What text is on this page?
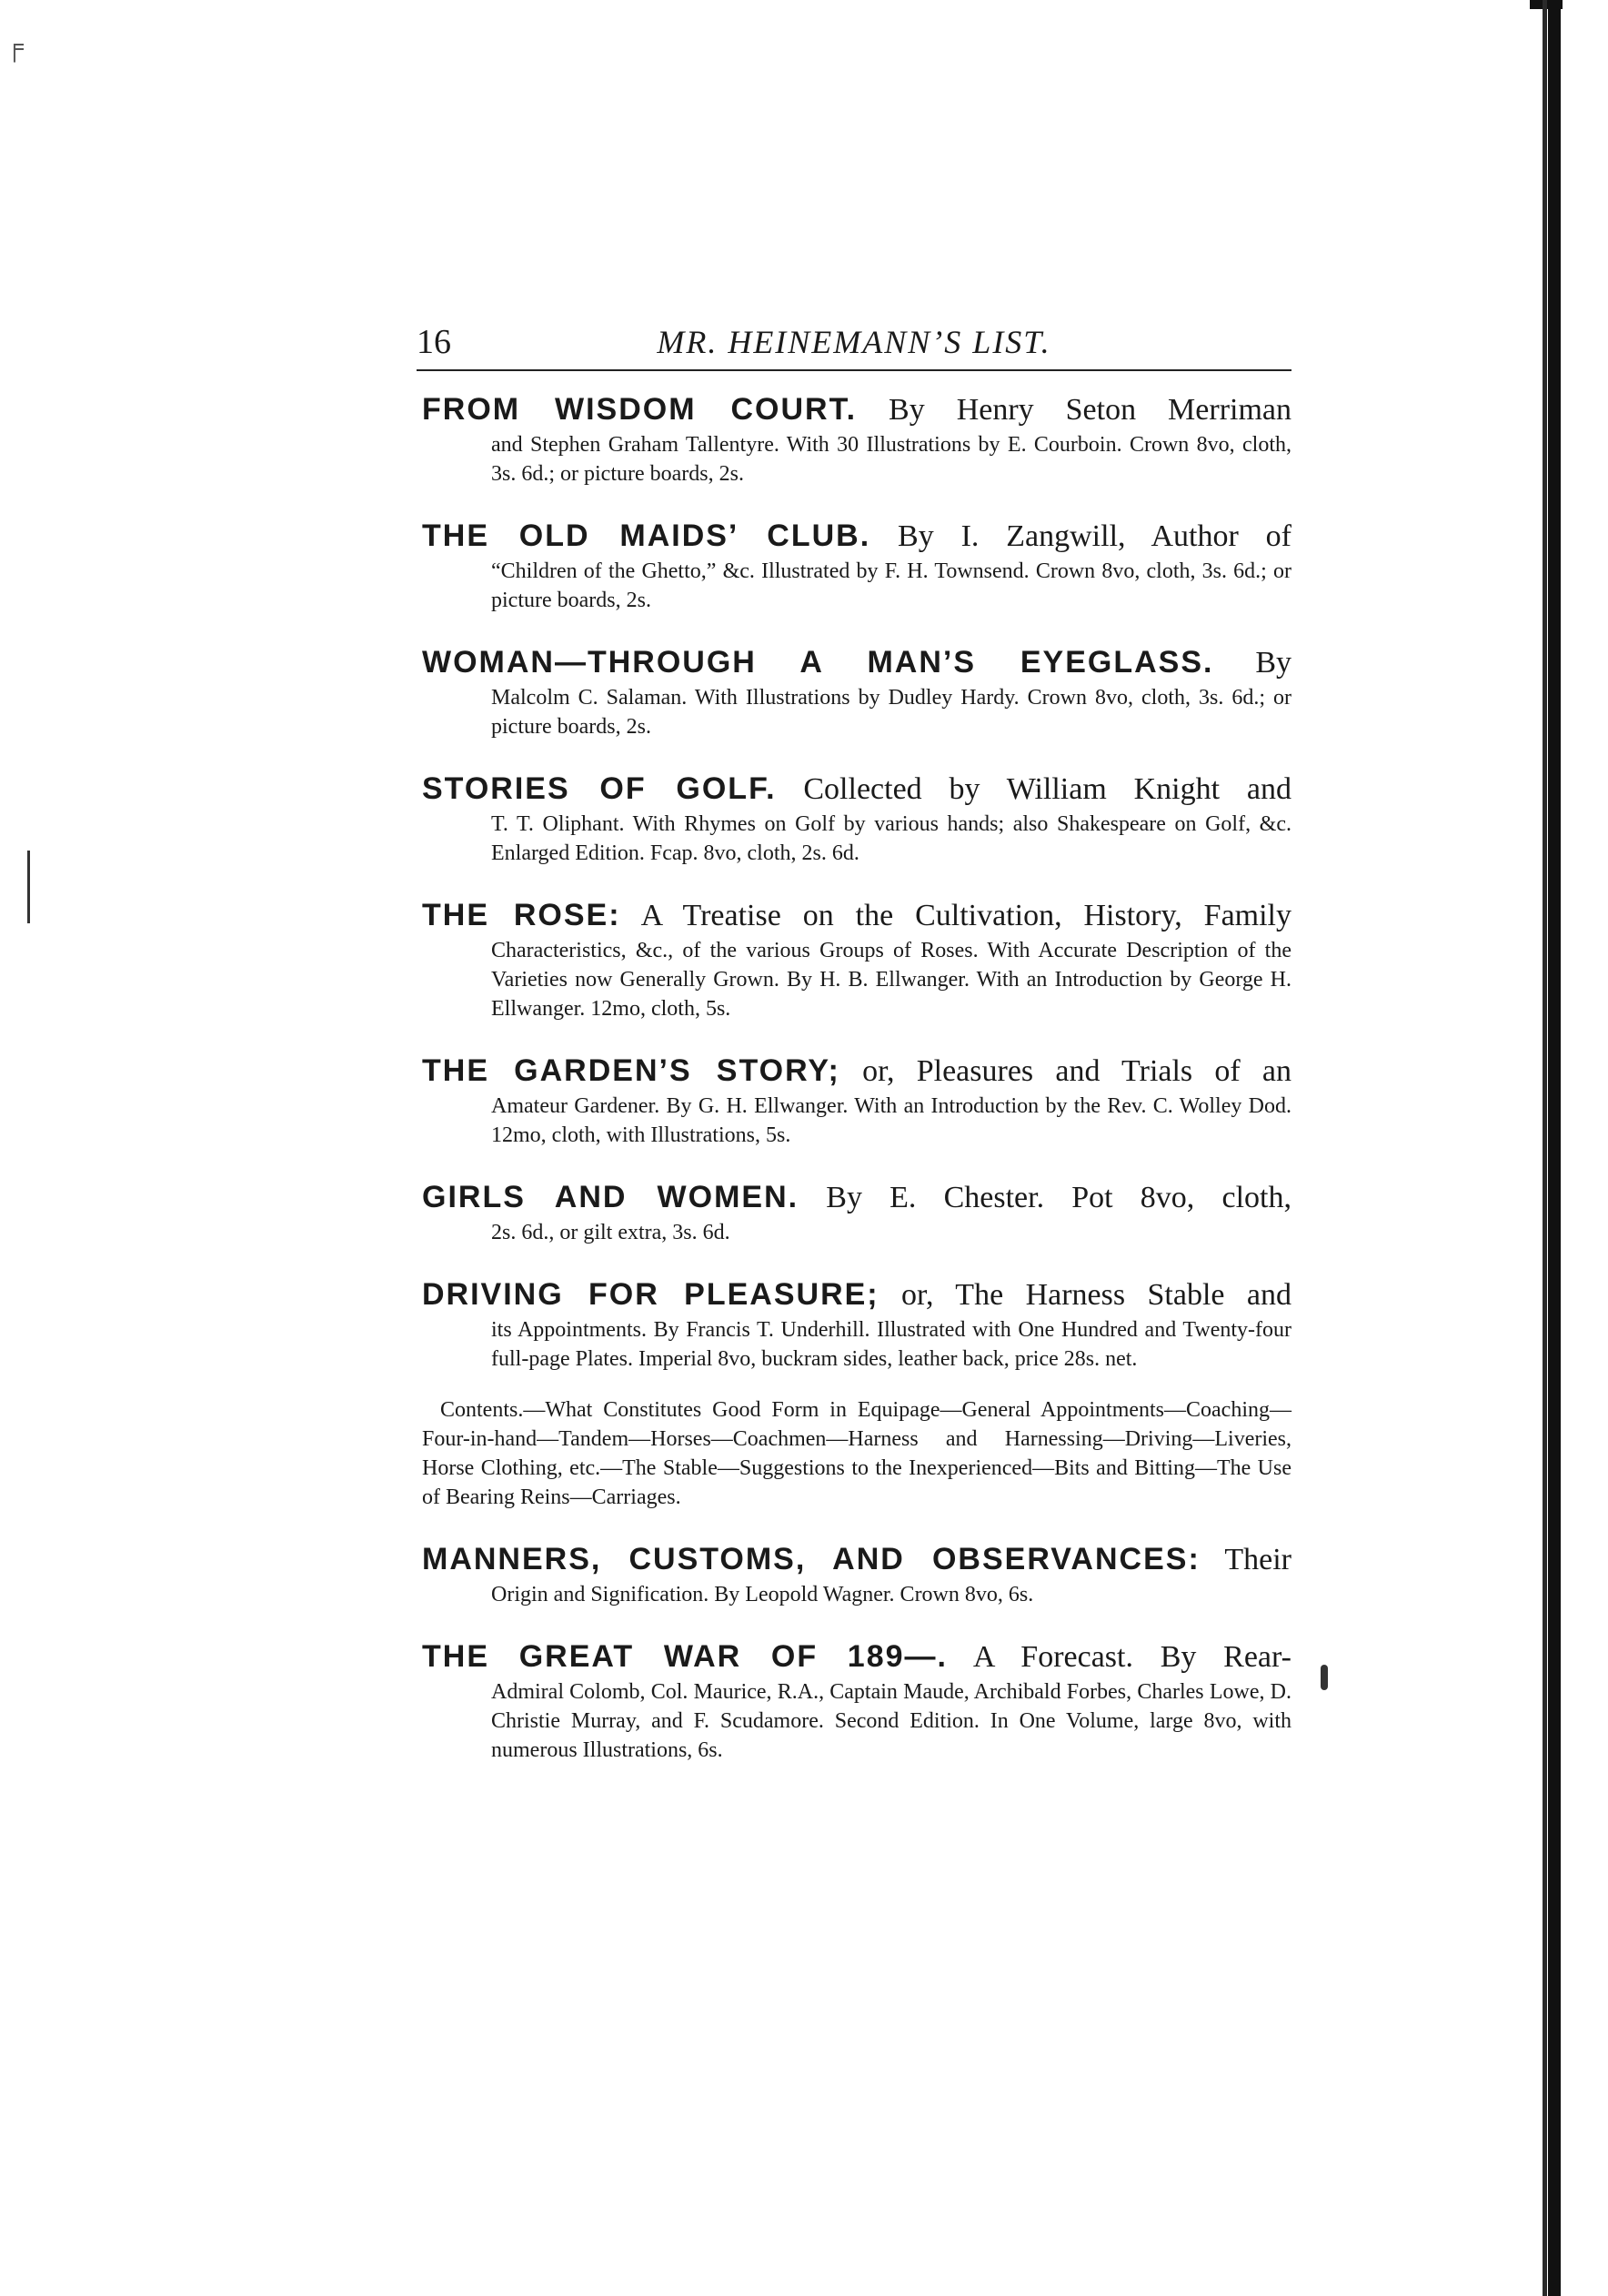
╒
16	MR. HEINEMANN’S LIST.

FROM WISDOM COURT. By Henry Seton Merriman

and Stephen Graham Tallentyre. With 30 Illustrations by E. Courboin. Crown 8vo, cloth, 3s. 6d.; or picture boards, 2s.

THE OLD MAIDS’ CLUB. By I. Zangwill, Author of

“Children of the Ghetto,” &c. Illustrated by F. H. Townsend. Crown 8vo, cloth, 3s. 6d.; or picture boards, 2s.

WOMAN—THROUGH A MAN’S EYEGLASS. By

Malcolm C. Salaman. With Illustrations by Dudley Hardy. Crown 8vo, cloth, 3s. 6d.; or picture boards, 2s.

STORIES OF GOLF. Collected by William Knight and

T. T. Oliphant. With Rhymes on Golf by various hands; also Shakespeare on Golf, &c. Enlarged Edition. Fcap. 8vo, cloth, 2s. 6d.

THE ROSE: A Treatise on the Cultivation, History, Family

Characteristics, &c., of the various Groups of Roses. With Accurate Description of the Varieties now Generally Grown. By H. B. Ellwanger. With an Introduction by George H. Ellwanger. 12mo, cloth, 5s.

THE GARDEN’S STORY; or, Pleasures and Trials of an

Amateur Gardener. By G. H. Ellwanger. With an Introduction by the Rev. C. Wolley Dod. 12mo, cloth, with Illustrations, 5s.

GIRLS AND WOMEN. By E. Chester. Pot 8vo, cloth,

2s. 6d., or gilt extra, 3s. 6d.

DRIVING FOR PLEASURE; or, The Harness Stable and

its Appointments. By Francis T. Underhill. Illustrated with One Hundred and Twenty-four full-page Plates. Imperial 8vo, buckram sides, leather back, price 28s. net.

Contents.—What Constitutes Good Form in Equipage—General Appointments—Coaching—Four-in-hand—Tandem—Horses—Coachmen—Harness and Harnessing—Driving—Liveries, Horse Clothing, etc.—The Stable—Suggestions to the Inexperienced—Bits and Bitting—The Use of Bearing Reins—Carriages.

MANNERS, CUSTOMS, AND OBSERVANCES: Their

Origin and Signification. By Leopold Wagner. Crown 8vo, 6s.

THE GREAT WAR OF 189—. A Forecast. By Rear-

Admiral Colomb, Col. Maurice, R.A., Captain Maude, Archibald Forbes, Charles Lowe, D. Christie Murray, and F. Scudamore. Second Edition. In One Volume, large 8vo, with numerous Illustrations, 6s.
